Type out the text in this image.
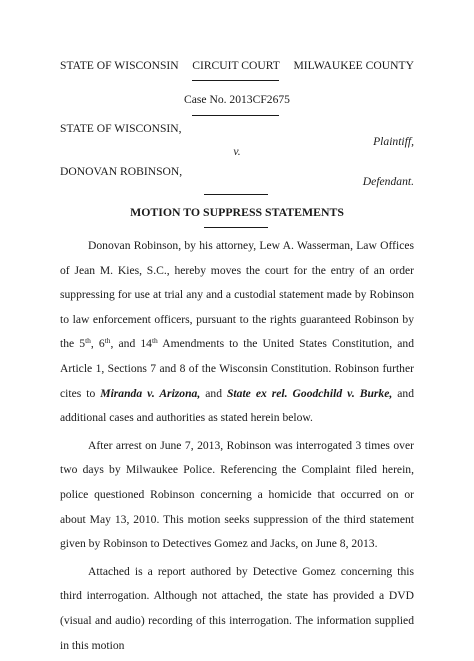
STATE OF WISCONSIN CIRCUIT COURT MILWAUKEE COUNTY
Case No. 2013CF2675
STATE OF WISCONSIN,
Plaintiff,
v.
DONOVAN ROBINSON,
Defendant.
MOTION TO SUPPRESS STATEMENTS

Donovan Robinson, by his attorney, Lew A. Wasserman, Law Offices of Jean M. Kies, S.C., hereby moves the court for the entry of an order suppressing for use at trial any and a custodial statement made by Robinson to law enforcement officers, pursuant to the rights guaranteed Robinson by the 5th, 6th, and 14th Amendments to the United States Constitution, and Article 1, Sections 7 and 8 of the Wisconsin Constitution. Robinson further cites to Miranda v. Arizona, and State ex rel. Goodchild v. Burke, and additional cases and authorities as stated herein below.

After arrest on June 7, 2013, Robinson was interrogated 3 times over two days by Milwaukee Police. Referencing the Complaint filed herein, police questioned Robinson concerning a homicide that occurred on or about May 13, 2010. This motion seeks suppression of the third statement given by Robinson to Detectives Gomez and Jacks, on June 8, 2013.

Attached is a report authored by Detective Gomez concerning this third interrogation. Although not attached, the state has provided a DVD (visual and audio) recording of this interrogation. The information supplied in this motion
